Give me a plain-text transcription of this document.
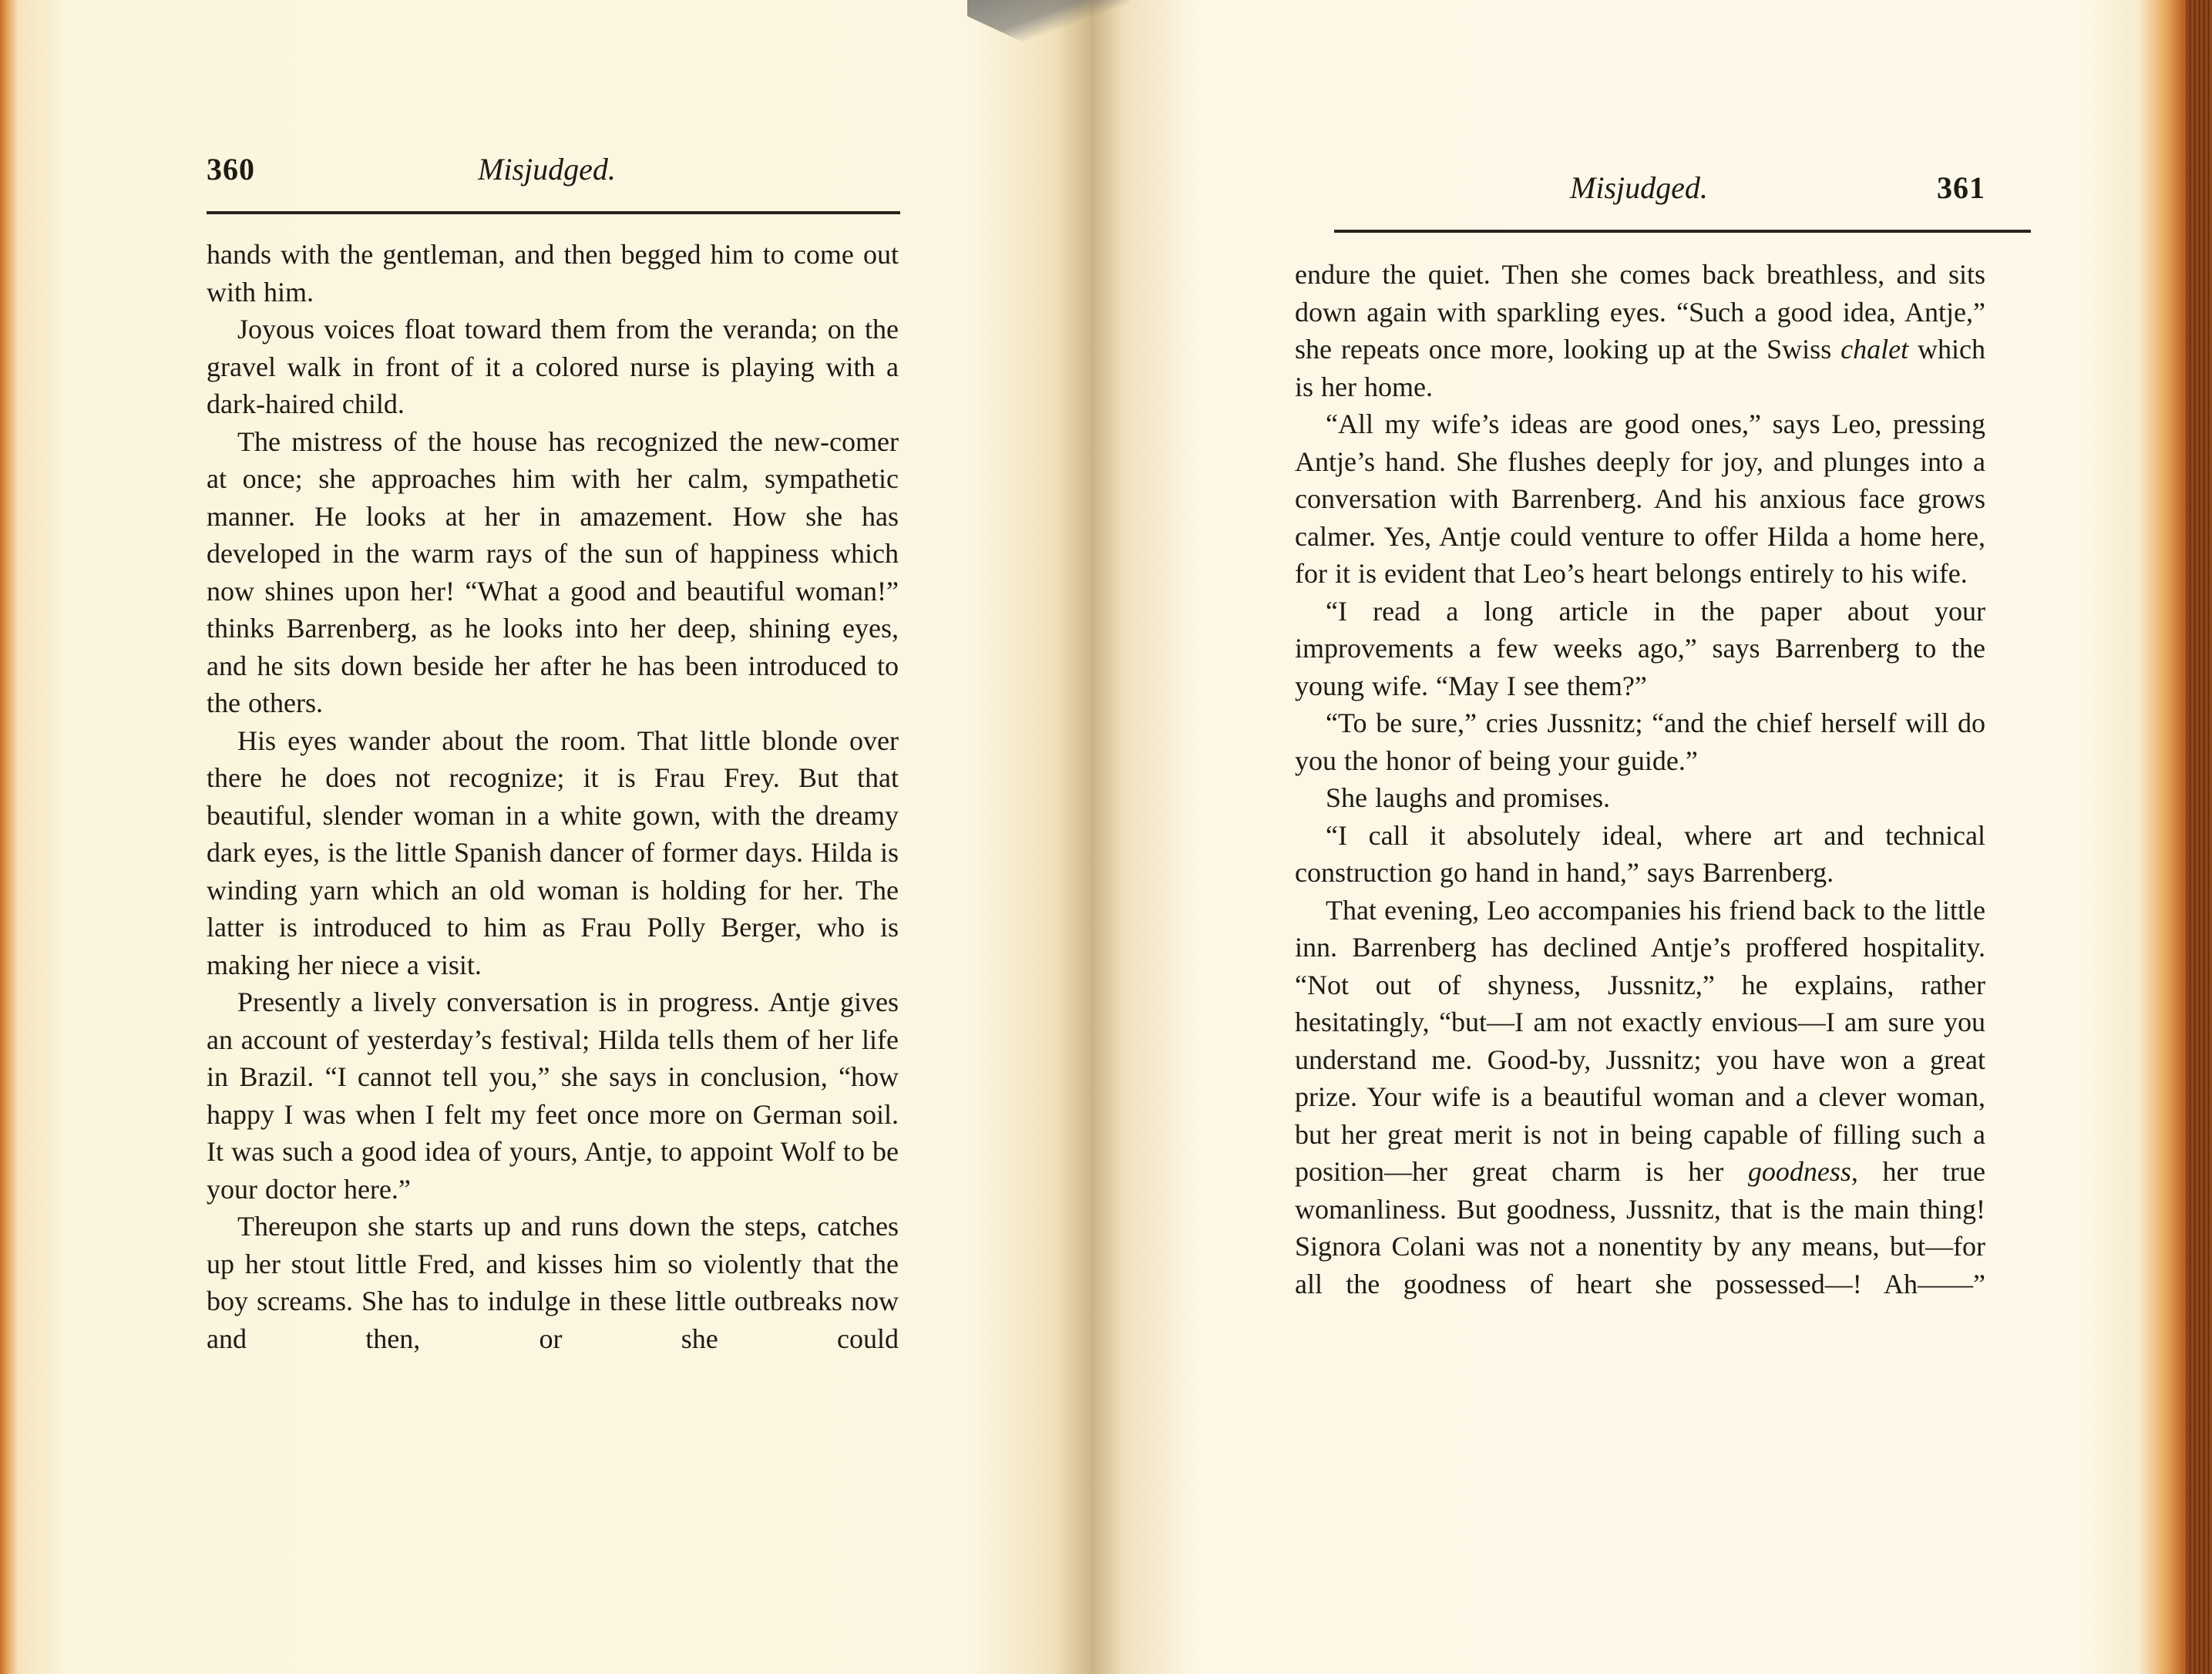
360	Misjudged.

hands with the gentleman, and then begged him to come out with him.

Joyous voices float toward them from the veranda; on the gravel walk in front of it a colored nurse is playing with a dark-haired child.

The mistress of the house has recognized the new-comer at once; she approaches him with her calm, sympathetic manner. He looks at her in amazement. How she has developed in the warm rays of the sun of happiness which now shines upon her! “What a good and beautiful woman!” thinks Barrenberg, as he looks into her deep, shining eyes, and he sits down beside her after he has been introduced to the others.

His eyes wander about the room. That little blonde over there he does not recognize; it is Frau Frey. But that beautiful, slender woman in a white gown, with the dreamy dark eyes, is the little Spanish dancer of former days. Hilda is winding yarn which an old woman is holding for her. The latter is introduced to him as Frau Polly Berger, who is making her niece a visit.

Presently a lively conversation is in progress. Antje gives an account of yesterday’s festival; Hilda tells them of her life in Brazil. “I cannot tell you,” she says in conclusion, “how happy I was when I felt my feet once more on German soil. It was such a good idea of yours, Antje, to appoint Wolf to be your doctor here.”

Thereupon she starts up and runs down the steps, catches up her stout little Fred, and kisses him so violently that the boy screams. She has to indulge in these little outbreaks now and then, or she could

Misjudged.	361

endure the quiet. Then she comes back breathless, and sits down again with sparkling eyes. “Such a good idea, Antje,” she repeats once more, looking up at the Swiss chalet which is her home.

“All my wife’s ideas are good ones,” says Leo, pressing Antje’s hand. She flushes deeply for joy, and plunges into a conversation with Barrenberg. And his anxious face grows calmer. Yes, Antje could venture to offer Hilda a home here, for it is evident that Leo’s heart belongs entirely to his wife.

“I read a long article in the paper about your improvements a few weeks ago,” says Barrenberg to the young wife. “May I see them?”

“To be sure,” cries Jussnitz; “and the chief herself will do you the honor of being your guide.”

She laughs and promises.

“I call it absolutely ideal, where art and technical construction go hand in hand,” says Barrenberg.

That evening, Leo accompanies his friend back to the little inn. Barrenberg has declined Antje’s proffered hospitality. “Not out of shyness, Jussnitz,” he explains, rather hesitatingly, “but—I am not exactly envious—I am sure you understand me. Good-by, Jussnitz; you have won a great prize. Your wife is a beautiful woman and a clever woman, but her great merit is not in being capable of filling such a position—her great charm is her goodness, her true womanliness. But goodness, Jussnitz, that is the main thing! Signora Colani was not a nonentity by any means, but—for all the goodness of heart she possessed—! Ah——”
